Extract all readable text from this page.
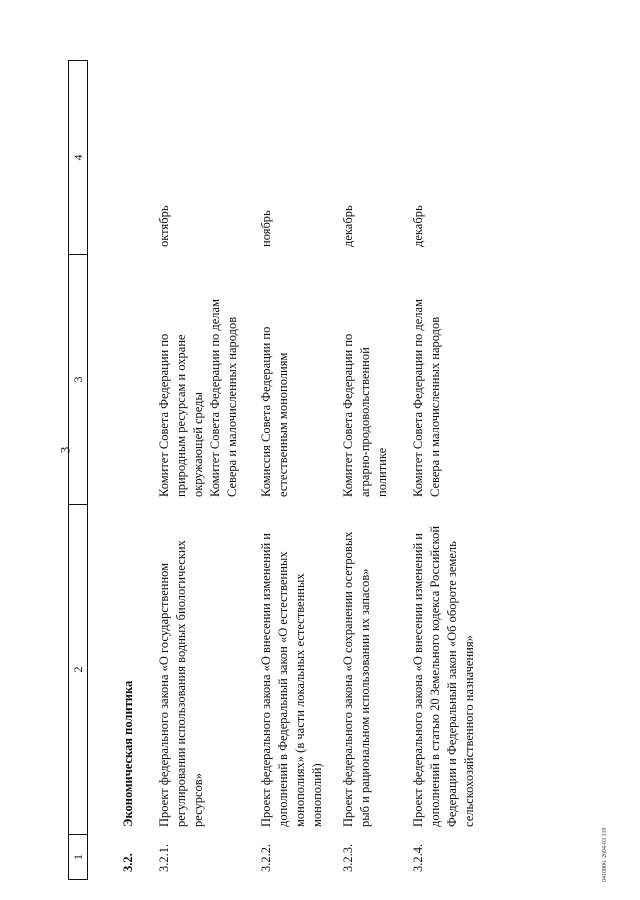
3
1
2
3
4
3.2.
Экономическая политика
3.2.1.
Проект федерального закона «О государственном
регулировании использования водных биологических
ресурсов»
Комитет Совета Федерации по
природным ресурсам и охране
окружающей среды
Комитет Совета Федерации по делам
Севера и малочисленных народов
октябрь
3.2.2.
Проект федерального закона «О внесении изменений и
дополнений в Федеральный закон «О естественных
монополиях» (в части локальных естественных
монополий)
Комиссия Совета Федерации по
естественным монополиям
ноябрь
3.2.3.
Проект федерального закона «О сохранении осетровых
рыб и рациональном использовании их запасов»
Комитет Совета Федерации по
аграрно-продовольственной
политике
декабрь
3.2.4.
Проект федерального закона «О внесении изменений и
дополнений в статью 20 Земельного кодекса Российской
Федерации и Федеральный закон «Об обороте земель
сельскохозяйственного назначения»
Комитет Совета Федерации по делам
Севера и малочисленных народов
декабрь
0410806. 2604-03 319
